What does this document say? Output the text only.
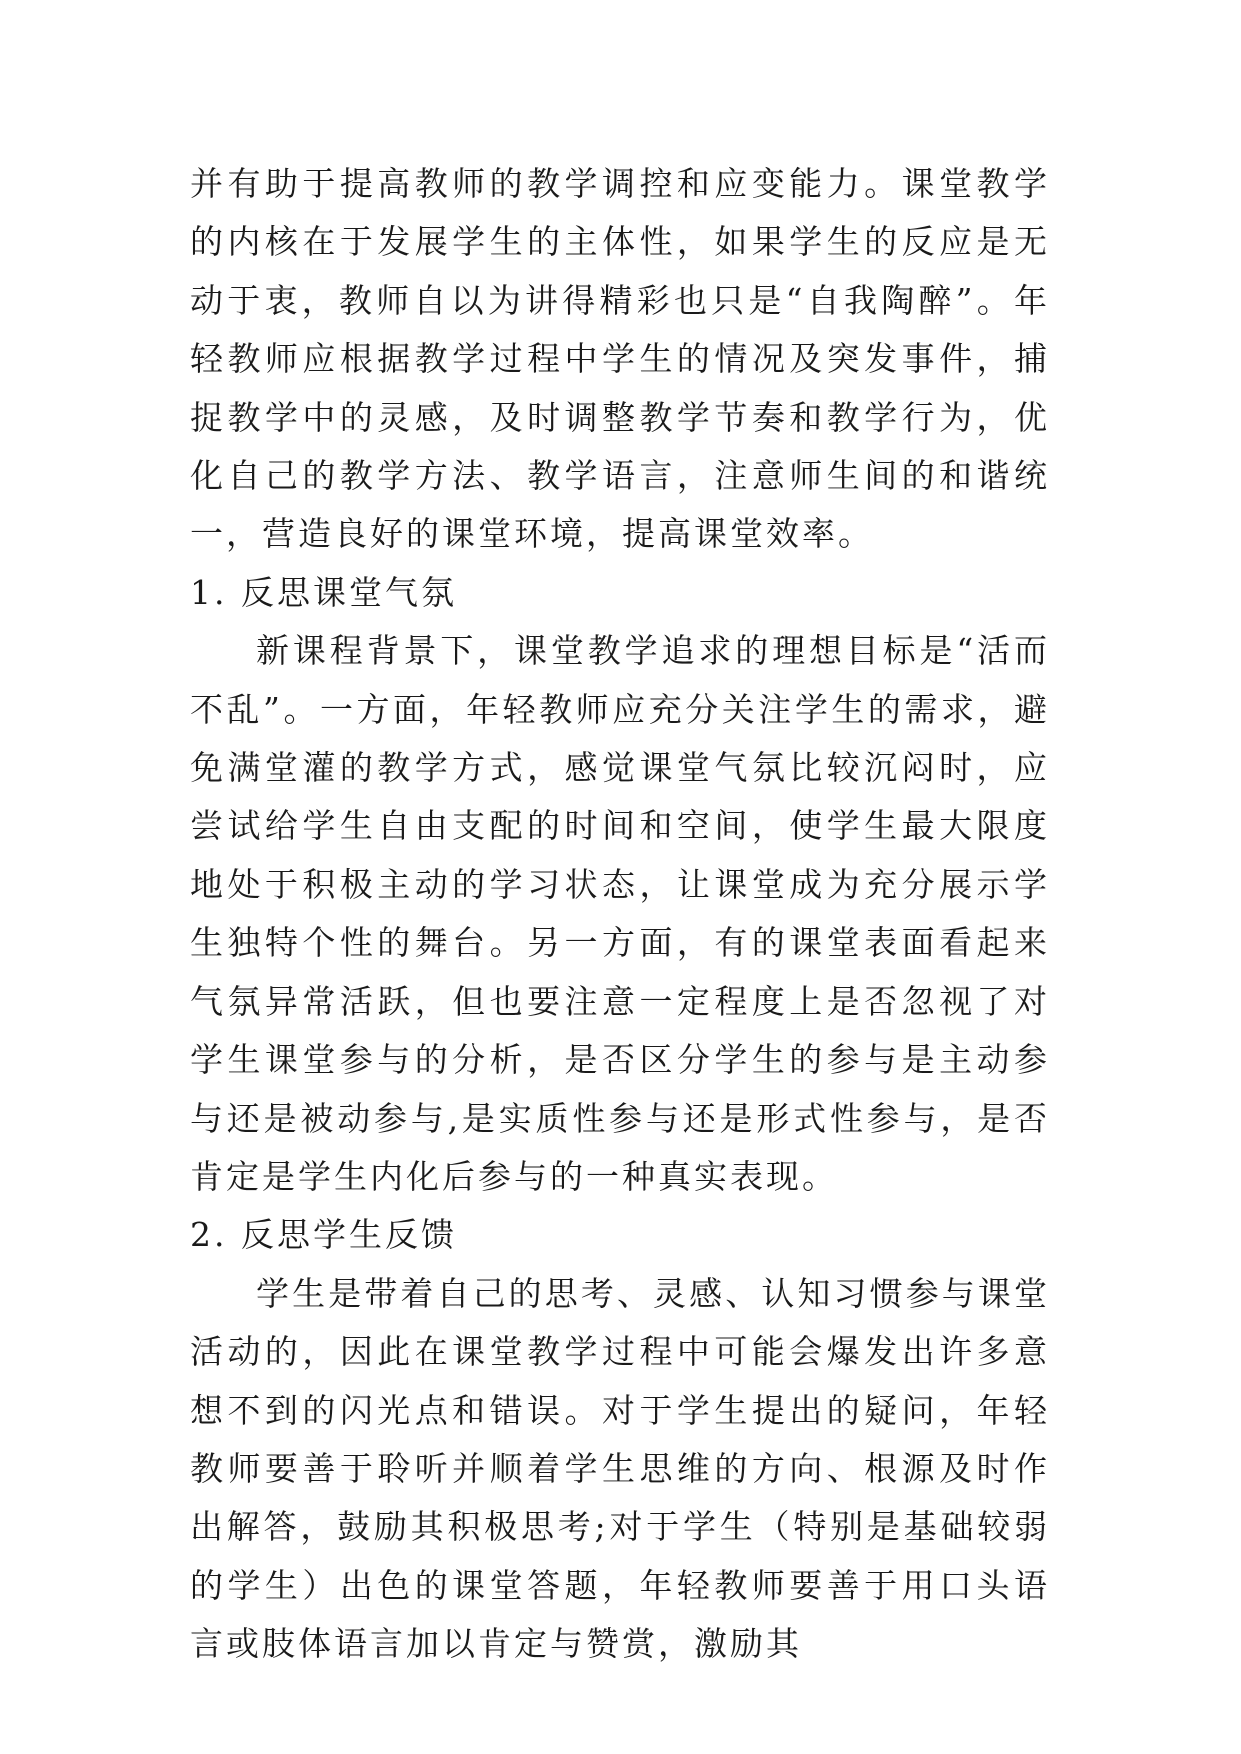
并有助于提高教师的教学调控和应变能力。课堂教学的内核在于发展学生的主体性，如果学生的反应是无动于衷，教师自以为讲得精彩也只是“自我陶醉”。年轻教师应根据教学过程中学生的情况及突发事件，捕捉教学中的灵感，及时调整教学节奏和教学行为，优化自己的教学方法、教学语言，注意师生间的和谐统一，营造良好的课堂环境，提高课堂效率。

1. 反思课堂气氛

新课程背景下，课堂教学追求的理想目标是“活而不乱”。一方面，年轻教师应充分关注学生的需求，避免满堂灌的教学方式，感觉课堂气氛比较沉闷时，应尝试给学生自由支配的时间和空间，使学生最大限度地处于积极主动的学习状态，让课堂成为充分展示学生独特个性的舞台。另一方面，有的课堂表面看起来气氛异常活跃，但也要注意一定程度上是否忽视了对学生课堂参与的分析，是否区分学生的参与是主动参与还是被动参与,是实质性参与还是形式性参与，是否肯定是学生内化后参与的一种真实表现。

2. 反思学生反馈

学生是带着自己的思考、灵感、认知习惯参与课堂活动的，因此在课堂教学过程中可能会爆发出许多意想不到的闪光点和错误。对于学生提出的疑问，年轻教师要善于聆听并顺着学生思维的方向、根源及时作出解答，鼓励其积极思考;对于学生（特别是基础较弱的学生）出色的课堂答题，年轻教师要善于用口头语言或肢体语言加以肯定与赞赏，激励其
